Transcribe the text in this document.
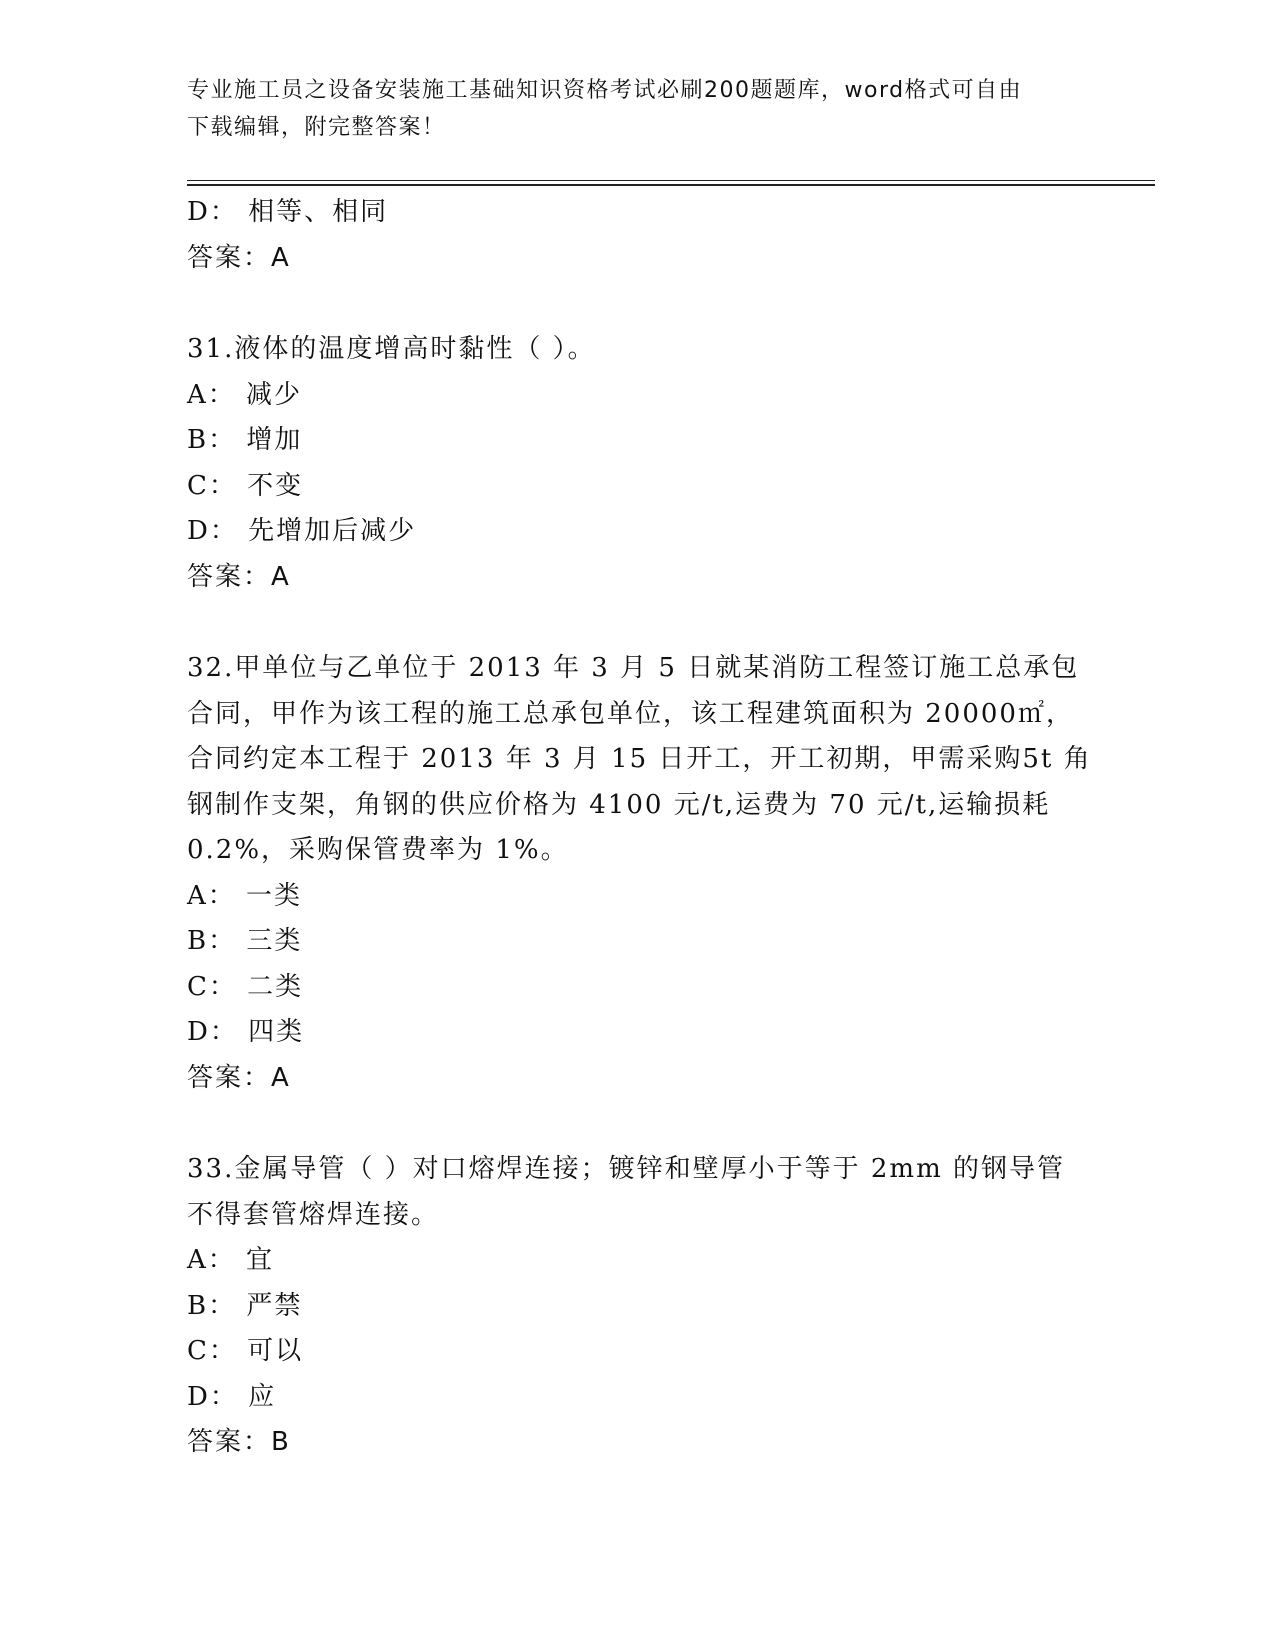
专业施工员之设备安装施工基础知识资格考试必刷200题题库，word格式可自由
下载编辑，附完整答案！
D： 相等、相同
答案：A
31.液体的温度增高时黏性（ ）。
A： 减少
B： 增加
C： 不变
D： 先增加后减少
答案：A
32.甲单位与乙单位于 2013 年 3 月 5 日就某消防工程签订施工总承包
合同，甲作为该工程的施工总承包单位，该工程建筑面积为 20000㎡，
合同约定本工程于 2013 年 3 月 15 日开工，开工初期，甲需采购5t 角
钢制作支架，角钢的供应价格为 4100 元/t,运费为 70 元/t,运输损耗
0.2%，采购保管费率为 1%。
A： 一类
B： 三类
C： 二类
D： 四类
答案：A
33.金属导管（ ）对口熔焊连接；镀锌和壁厚小于等于 2mm 的钢导管
不得套管熔焊连接。
A： 宜
B： 严禁
C： 可以
D： 应
答案：B
